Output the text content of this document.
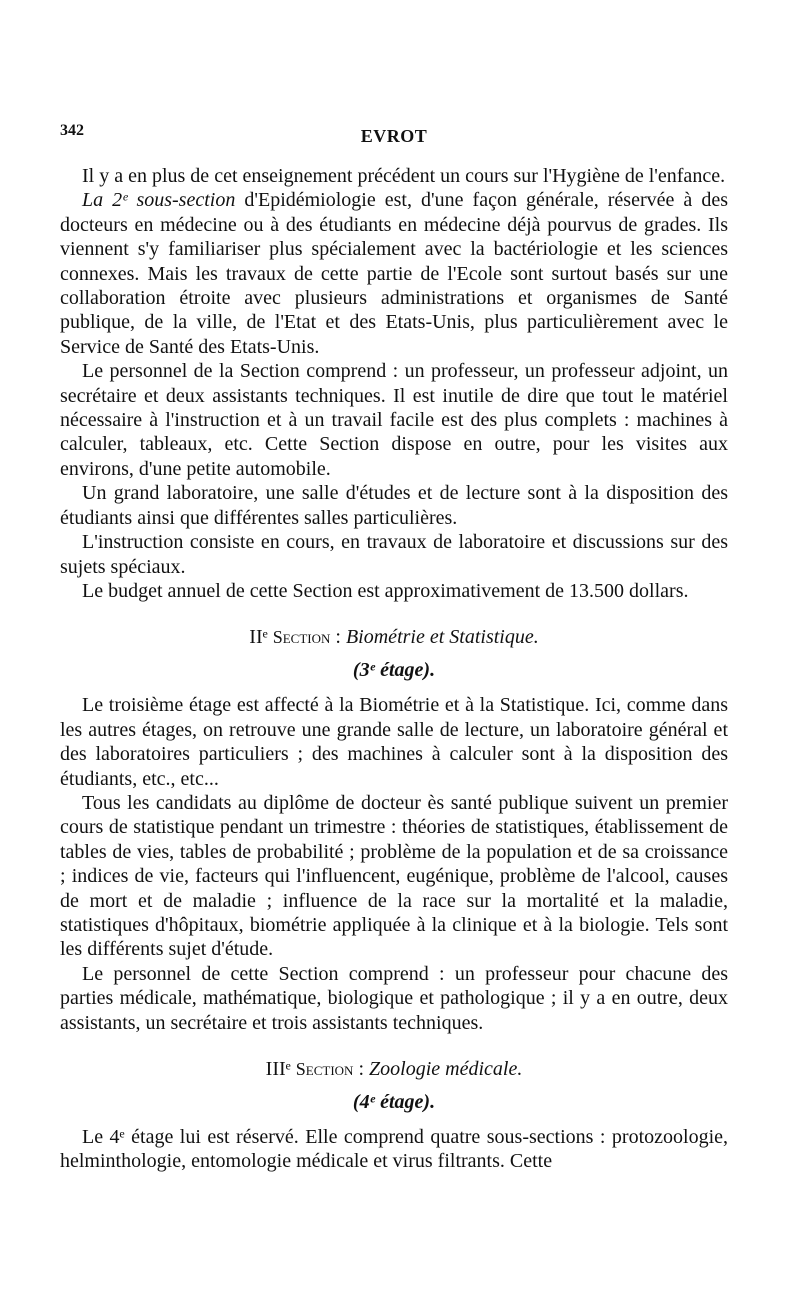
342	EVROT

Il y a en plus de cet enseignement précédent un cours sur l'Hygiène de l'enfance.

La 2ᵉ sous-section d'Epidémiologie est, d'une façon générale, réservée à des docteurs en médecine ou à des étudiants en médecine déjà pourvus de grades. Ils viennent s'y familiariser plus spécialement avec la bactériologie et les sciences connexes. Mais les travaux de cette partie de l'Ecole sont surtout basés sur une collaboration étroite avec plusieurs administrations et organismes de Santé publique, de la ville, de l'Etat et des Etats-Unis, plus particulièrement avec le Service de Santé des Etats-Unis.

Le personnel de la Section comprend : un professeur, un professeur adjoint, un secrétaire et deux assistants techniques. Il est inutile de dire que tout le matériel nécessaire à l'instruction et à un travail facile est des plus complets : machines à calculer, tableaux, etc. Cette Section dispose en outre, pour les visites aux environs, d'une petite automobile.

Un grand laboratoire, une salle d'études et de lecture sont à la disposition des étudiants ainsi que différentes salles particulières.

L'instruction consiste en cours, en travaux de laboratoire et discussions sur des sujets spéciaux.

Le budget annuel de cette Section est approximativement de 13.500 dollars.

IIᵉ Section : Biométrie et Statistique.
(3ᵉ étage).

Le troisième étage est affecté à la Biométrie et à la Statistique. Ici, comme dans les autres étages, on retrouve une grande salle de lecture, un laboratoire général et des laboratoires particuliers ; des machines à calculer sont à la disposition des étudiants, etc., etc...

Tous les candidats au diplôme de docteur ès santé publique suivent un premier cours de statistique pendant un trimestre : théories de statistiques, établissement de tables de vies, tables de probabilité ; problème de la population et de sa croissance ; indices de vie, facteurs qui l'influencent, eugénique, problème de l'alcool, causes de mort et de maladie ; influence de la race sur la mortalité et la maladie, statistiques d'hôpitaux, biométrie appliquée à la clinique et à la biologie. Tels sont les différents sujet d'étude.

Le personnel de cette Section comprend : un professeur pour chacune des parties médicale, mathématique, biologique et pathologique ; il y a en outre, deux assistants, un secrétaire et trois assistants techniques.

IIIᵉ Section : Zoologie médicale.
(4ᵉ étage).

Le 4ᵉ étage lui est réservé. Elle comprend quatre sous-sections : protozoologie, helminthologie, entomologie médicale et virus filtrants. Cette
